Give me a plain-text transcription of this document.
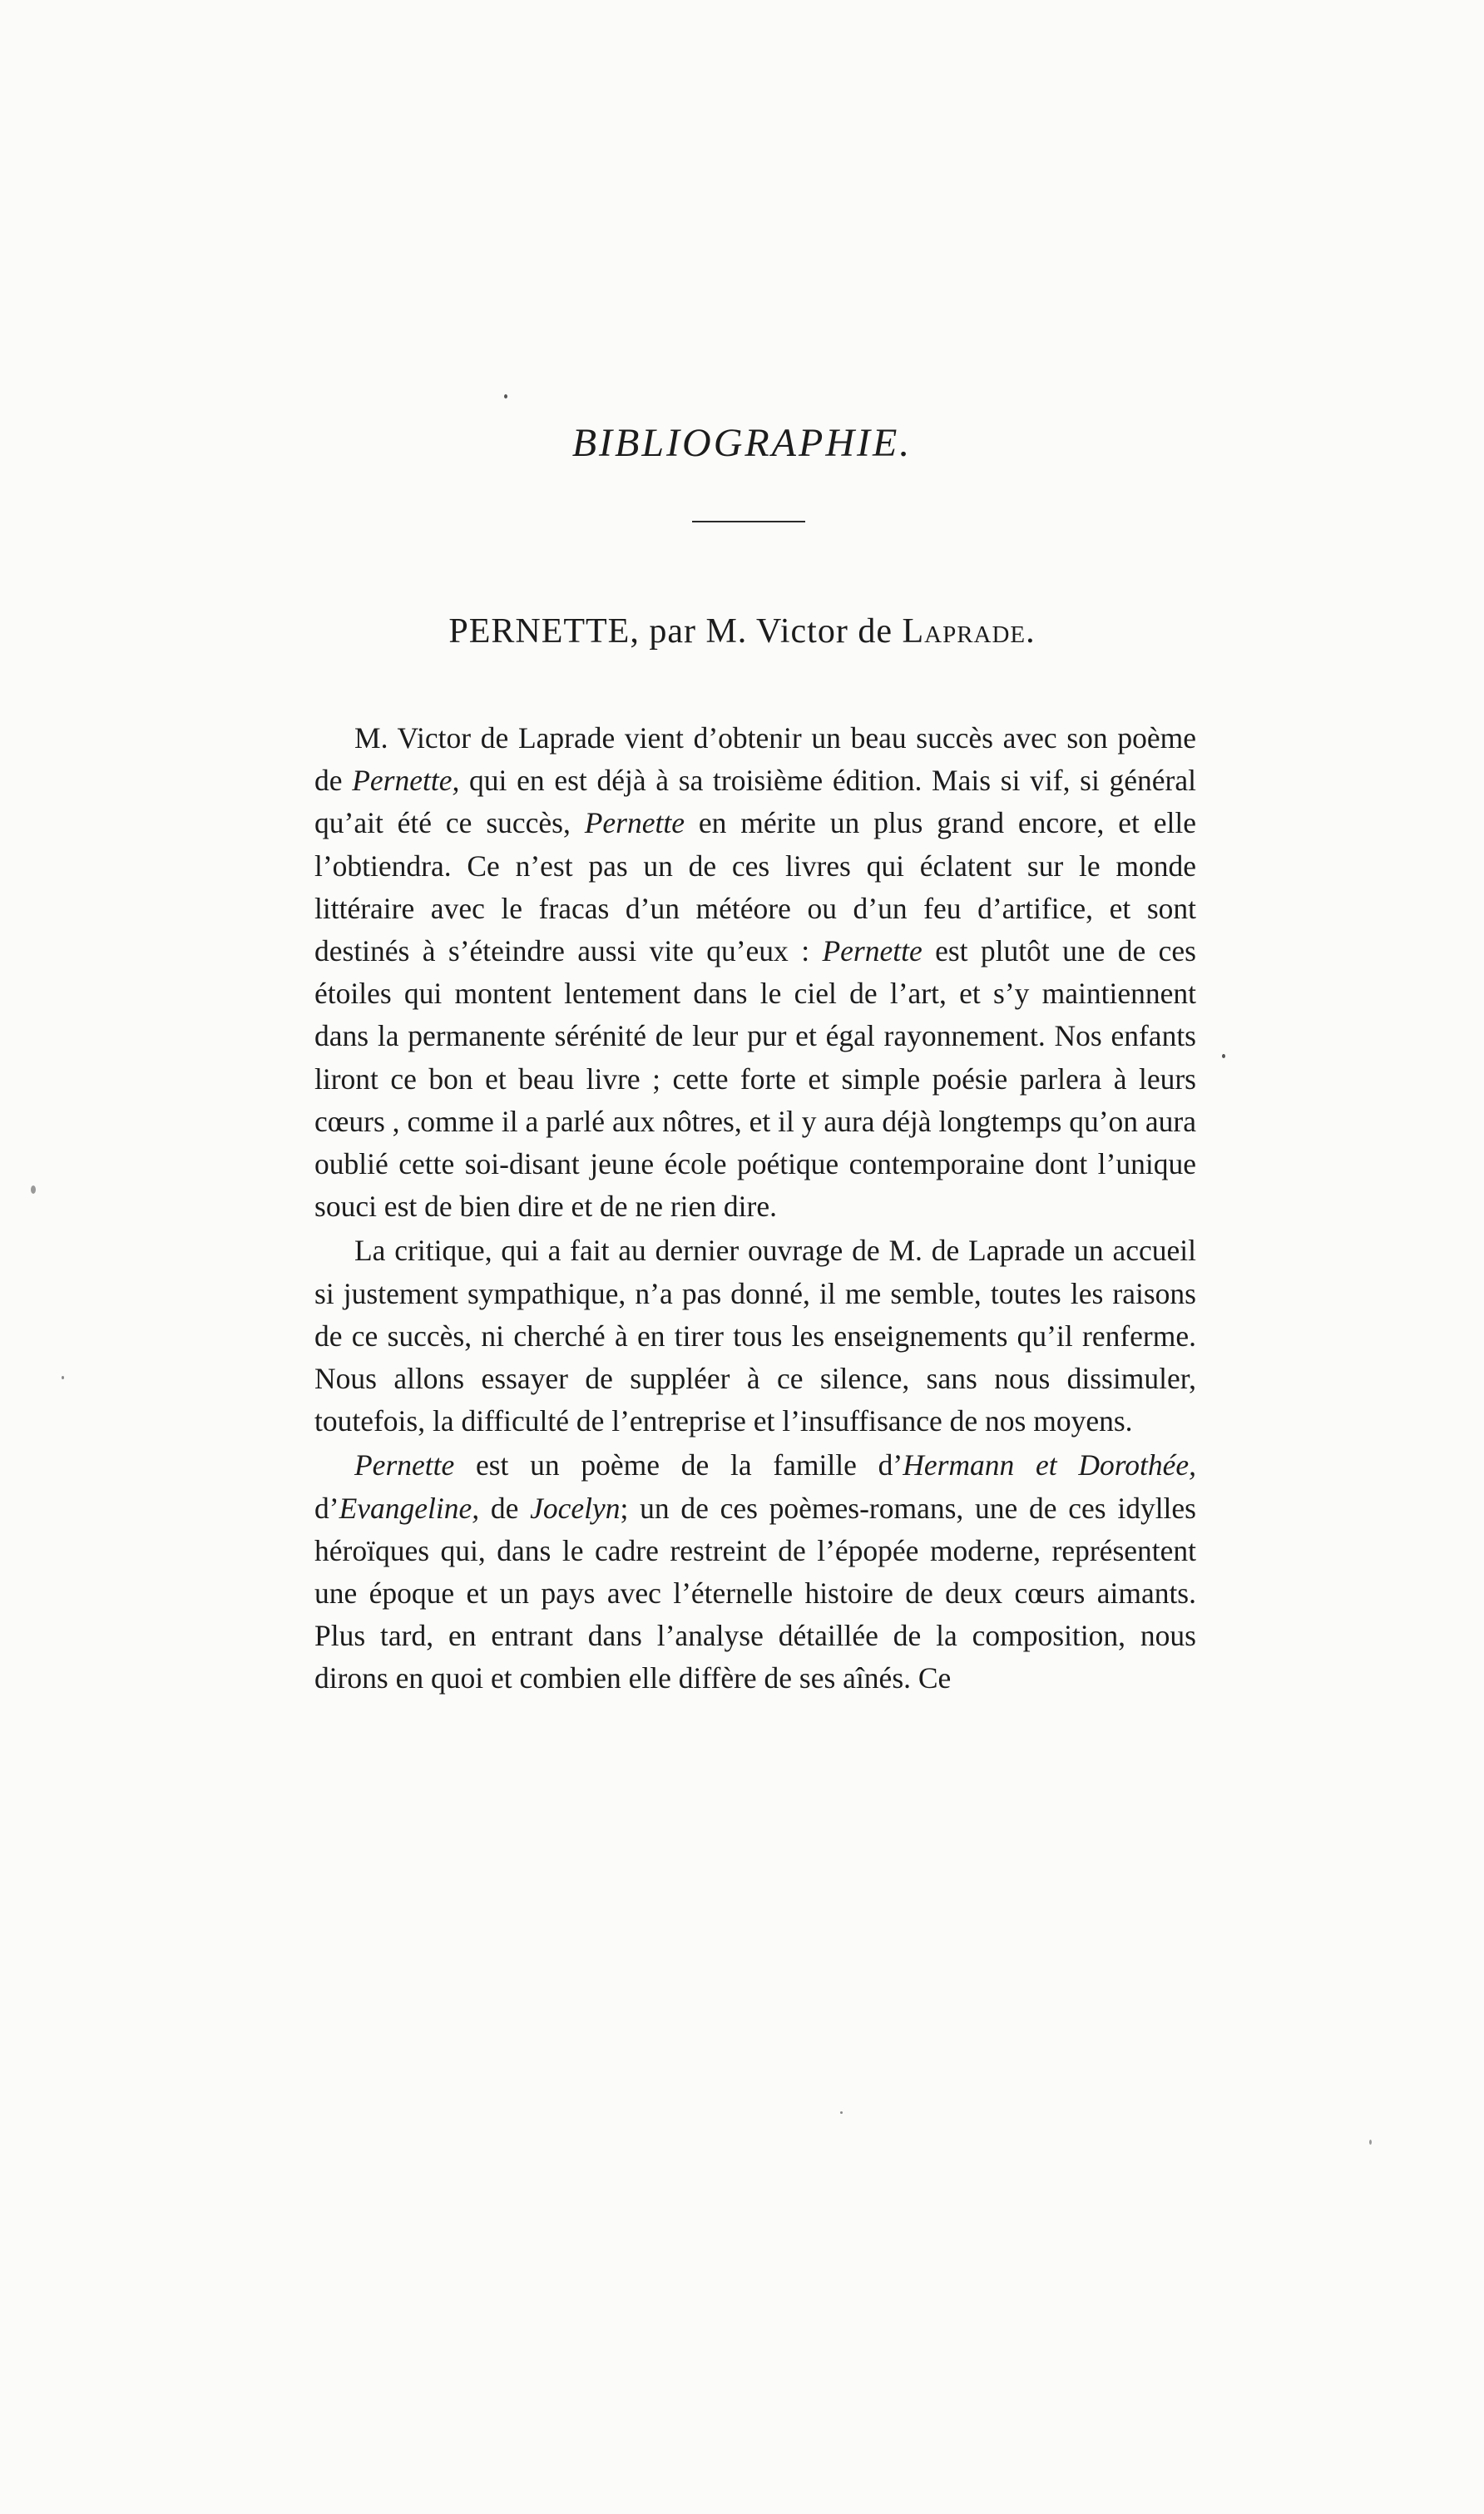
BIBLIOGRAPHIE.
PERNETTE, par M. Victor de Laprade.

M. Victor de Laprade vient d’obtenir un beau succès avec son poème de Pernette, qui en est déjà à sa troisième édition. Mais si vif, si général qu’ait été ce succès, Pernette en mérite un plus grand encore, et elle l’obtiendra. Ce n’est pas un de ces livres qui éclatent sur le monde littéraire avec le fracas d’un météore ou d’un feu d’artifice, et sont destinés à s’éteindre aussi vite qu’eux : Pernette est plutôt une de ces étoiles qui montent lentement dans le ciel de l’art, et s’y maintiennent dans la permanente sérénité de leur pur et égal rayonnement. Nos enfants liront ce bon et beau livre ; cette forte et simple poésie parlera à leurs cœurs , comme il a parlé aux nôtres, et il y aura déjà longtemps qu’on aura oublié cette soi-disant jeune école poétique contemporaine dont l’unique souci est de bien dire et de ne rien dire.

La critique, qui a fait au dernier ouvrage de M. de Laprade un accueil si justement sympathique, n’a pas donné, il me semble, toutes les raisons de ce succès, ni cherché à en tirer tous les enseignements qu’il renferme. Nous allons essayer de suppléer à ce silence, sans nous dissimuler, toutefois, la difficulté de l’entreprise et l’insuffisance de nos moyens.

Pernette est un poème de la famille d’Hermann et Dorothée, d’Evangeline, de Jocelyn; un de ces poèmes-romans, une de ces idylles héroïques qui, dans le cadre restreint de l’épopée moderne, représentent une époque et un pays avec l’éternelle histoire de deux cœurs aimants. Plus tard, en entrant dans l’analyse détaillée de la composition, nous dirons en quoi et combien elle diffère de ses aînés. Ce
